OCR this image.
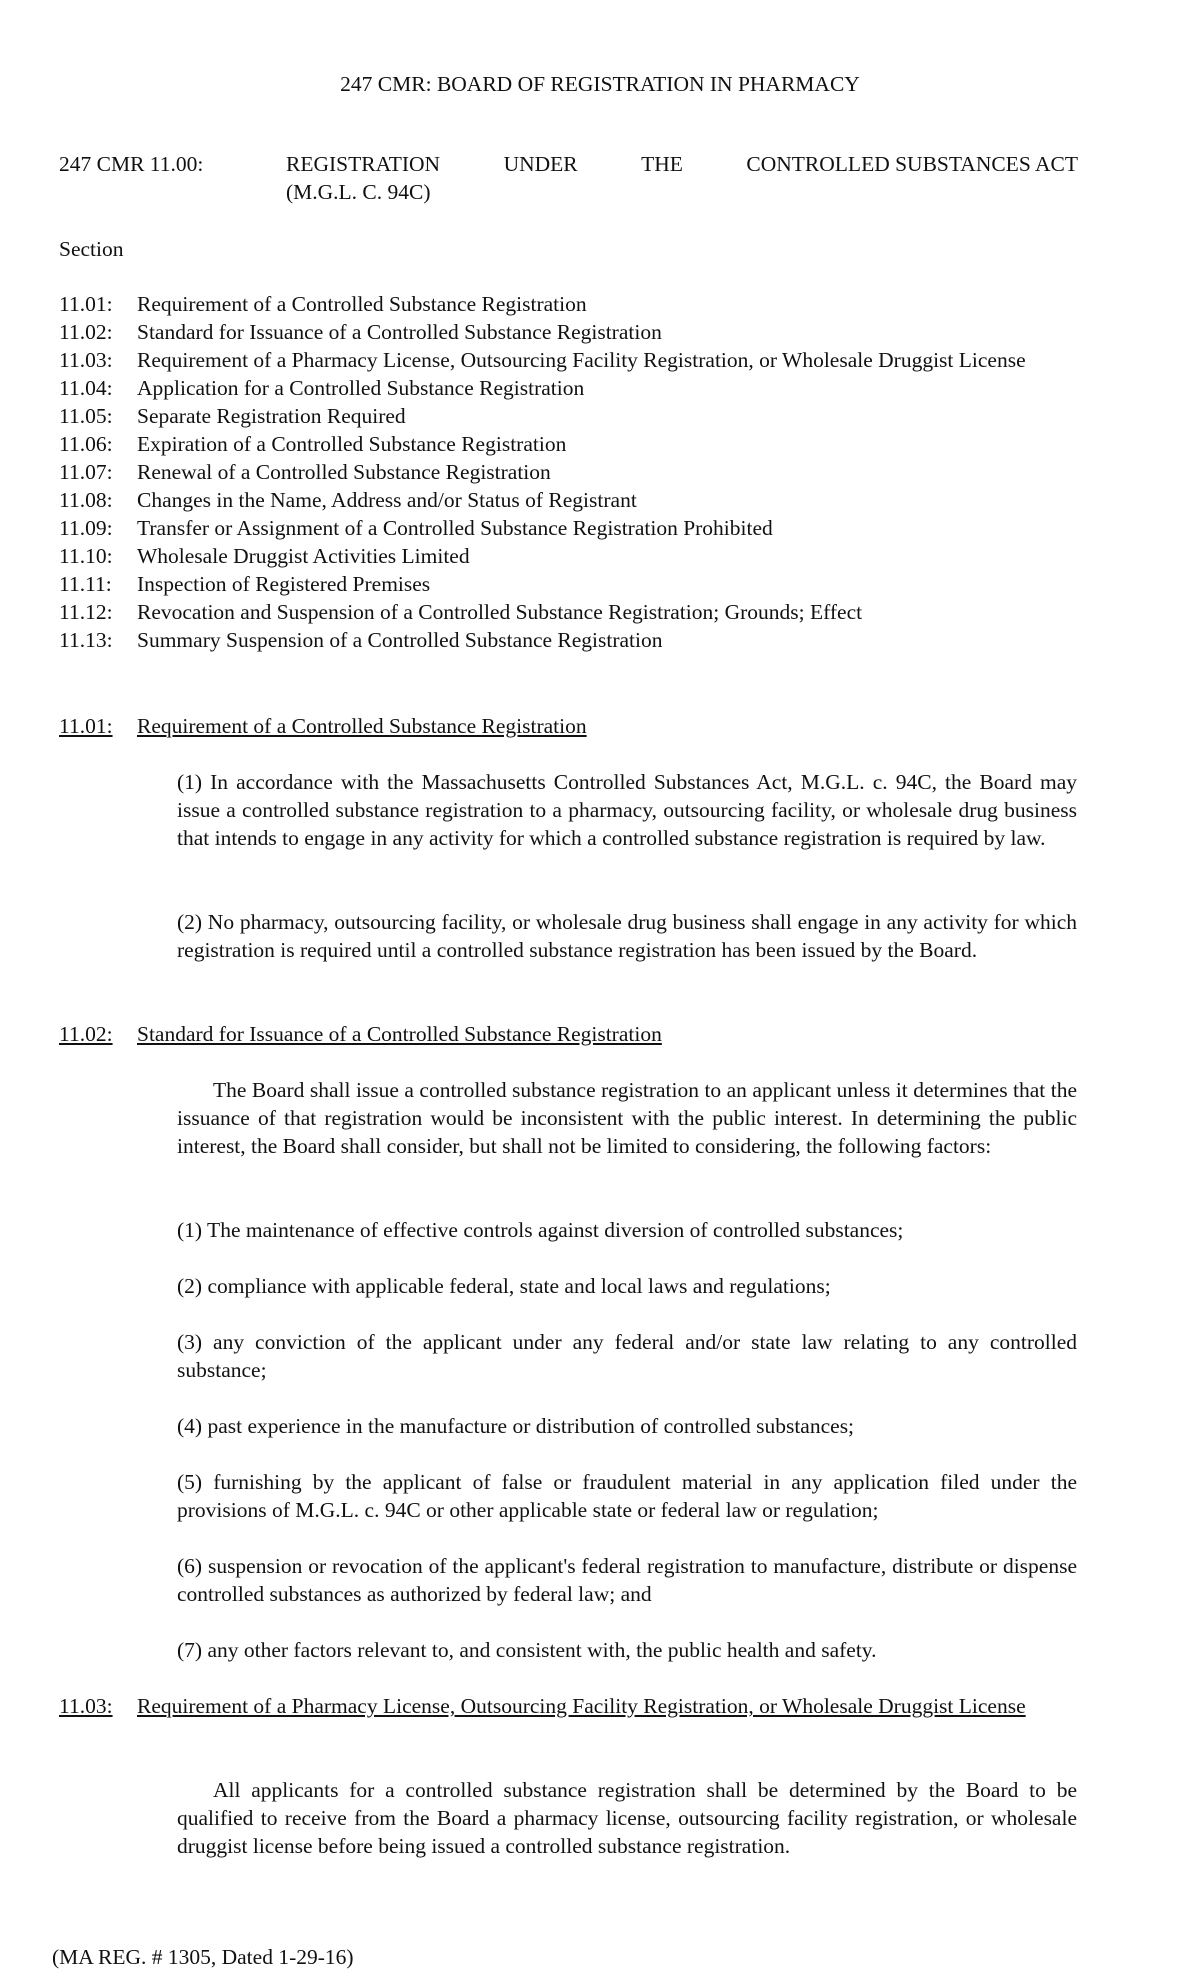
247 CMR: BOARD OF REGISTRATION IN PHARMACY
247 CMR 11.00:	REGISTRATION	UNDER	THE	CONTROLLED SUBSTANCES ACT
(M.G.L. C. 94C)
Section
11.01:	Requirement of a Controlled Substance Registration
11.02:	Standard for Issuance of a Controlled Substance Registration
11.03:	Requirement of a Pharmacy License, Outsourcing Facility Registration, or Wholesale Druggist License
11.04:	Application for a Controlled Substance Registration
11.05:	Separate Registration Required
11.06:	Expiration of a Controlled Substance Registration
11.07:	Renewal of a Controlled Substance Registration
11.08:	Changes in the Name, Address and/or Status of Registrant
11.09:	Transfer or Assignment of a Controlled Substance Registration Prohibited
11.10:	Wholesale Druggist Activities Limited
11.11:	Inspection of Registered Premises
11.12:	Revocation and Suspension of a Controlled Substance Registration; Grounds; Effect
11.13:	Summary Suspension of a Controlled Substance Registration
11.01:	Requirement of a Controlled Substance Registration
(1) In accordance with the Massachusetts Controlled Substances Act, M.G.L. c. 94C, the Board may issue a controlled substance registration to a pharmacy, outsourcing facility, or wholesale drug business that intends to engage in any activity for which a controlled substance registration is required by law.
(2) No pharmacy, outsourcing facility, or wholesale drug business shall engage in any activity for which registration is required until a controlled substance registration has been issued by the Board.
11.02:	Standard for Issuance of a Controlled Substance Registration
The Board shall issue a controlled substance registration to an applicant unless it determines that the issuance of that registration would be inconsistent with the public interest. In determining the public interest, the Board shall consider, but shall not be limited to considering, the following factors:
(1) The maintenance of effective controls against diversion of controlled substances;
(2) compliance with applicable federal, state and local laws and regulations;
(3) any conviction of the applicant under any federal and/or state law relating to any controlled substance;
(4) past experience in the manufacture or distribution of controlled substances;
(5) furnishing by the applicant of false or fraudulent material in any application filed under the provisions of M.G.L. c. 94C or other applicable state or federal law or regulation;
(6) suspension or revocation of the applicant's federal registration to manufacture, distribute or dispense controlled substances as authorized by federal law; and
(7) any other factors relevant to, and consistent with, the public health and safety.
11.03:	Requirement of a Pharmacy License, Outsourcing Facility Registration, or Wholesale Druggist License
All applicants for a controlled substance registration shall be determined by the Board to be qualified to receive from the Board a pharmacy license, outsourcing facility registration, or wholesale druggist license before being issued a controlled substance registration.
(MA REG. # 1305, Dated 1-29-16)
